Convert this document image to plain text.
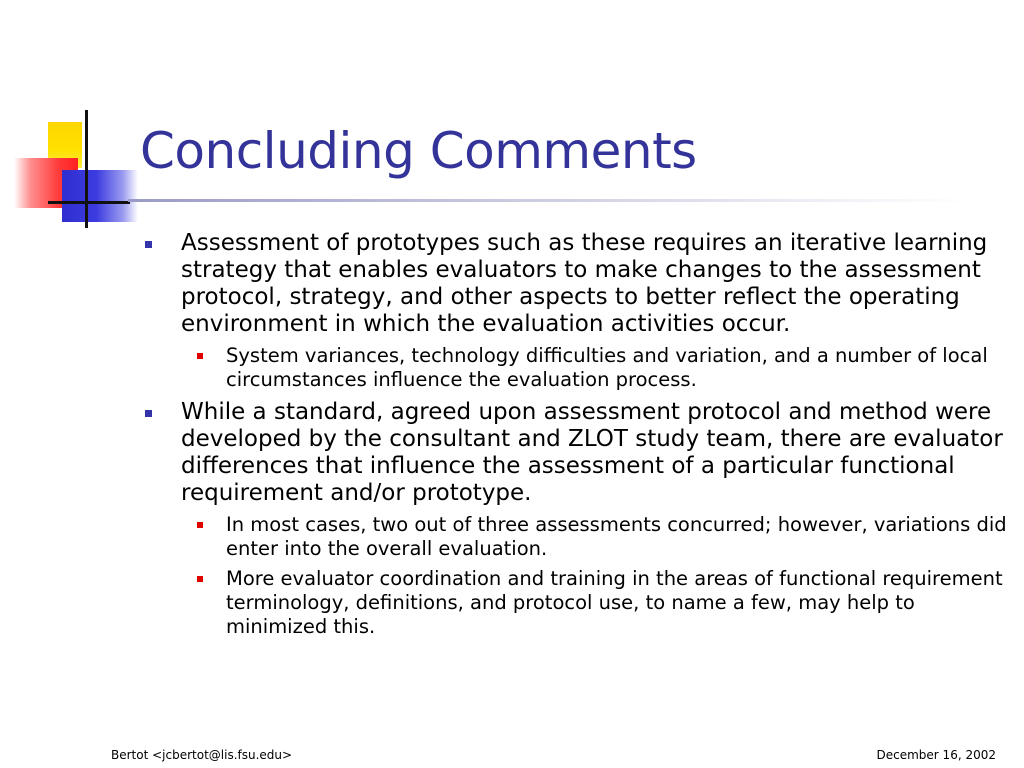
Concluding Comments
Assessment of prototypes such as these requires an iterative learning strategy that enables evaluators to make changes to the assessment protocol, strategy, and other aspects to better reflect the operating environment in which the evaluation activities occur.
System variances, technology difficulties and variation, and a number of local circumstances influence the evaluation process.
While a standard, agreed upon assessment protocol and method were developed by the consultant and ZLOT study team, there are evaluator differences that influence the assessment of a particular functional requirement and/or prototype.
In most cases, two out of three assessments concurred; however, variations did enter into the overall evaluation.
More evaluator coordination and training in the areas of functional requirement terminology, definitions, and protocol use, to name a few, may help to minimized this.
Bertot <jcbertot@lis.fsu.edu>	December 16, 2002
